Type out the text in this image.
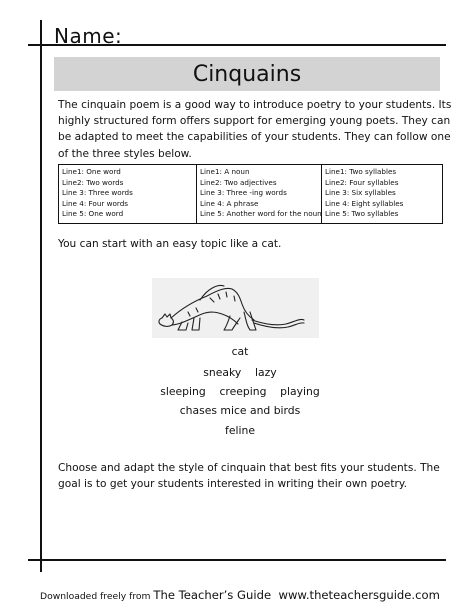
Name:
Cinquains
The cinquain poem is a good way to introduce poetry to your students. Its
highly structured form offers support for emerging young poets. They can
be adapted to meet the capabilities of your students. They can follow one
of the three styles below.
Line1: One word
Line2: Two words
Line 3: Three words
Line 4: Four words
Line 5: One word

Line1: A noun
Line2: Two adjectives
Line 3: Three -ing words
Line 4: A phrase
Line 5: Another word for the noun

Line1: Two syllables
Line2: Four syllables
Line 3: Six syllables
Line 4: Eight syllables
Line 5: Two syllables
You can start with an easy topic like a cat.
cat
sneaky    lazy
sleeping    creeping    playing
chases mice and birds
feline
Choose and adapt the style of cinquain that best fits your students. The
goal is to get your students interested in writing their own poetry.
Downloaded freely from The Teacher’s Guide  www.theteachersguide.com
